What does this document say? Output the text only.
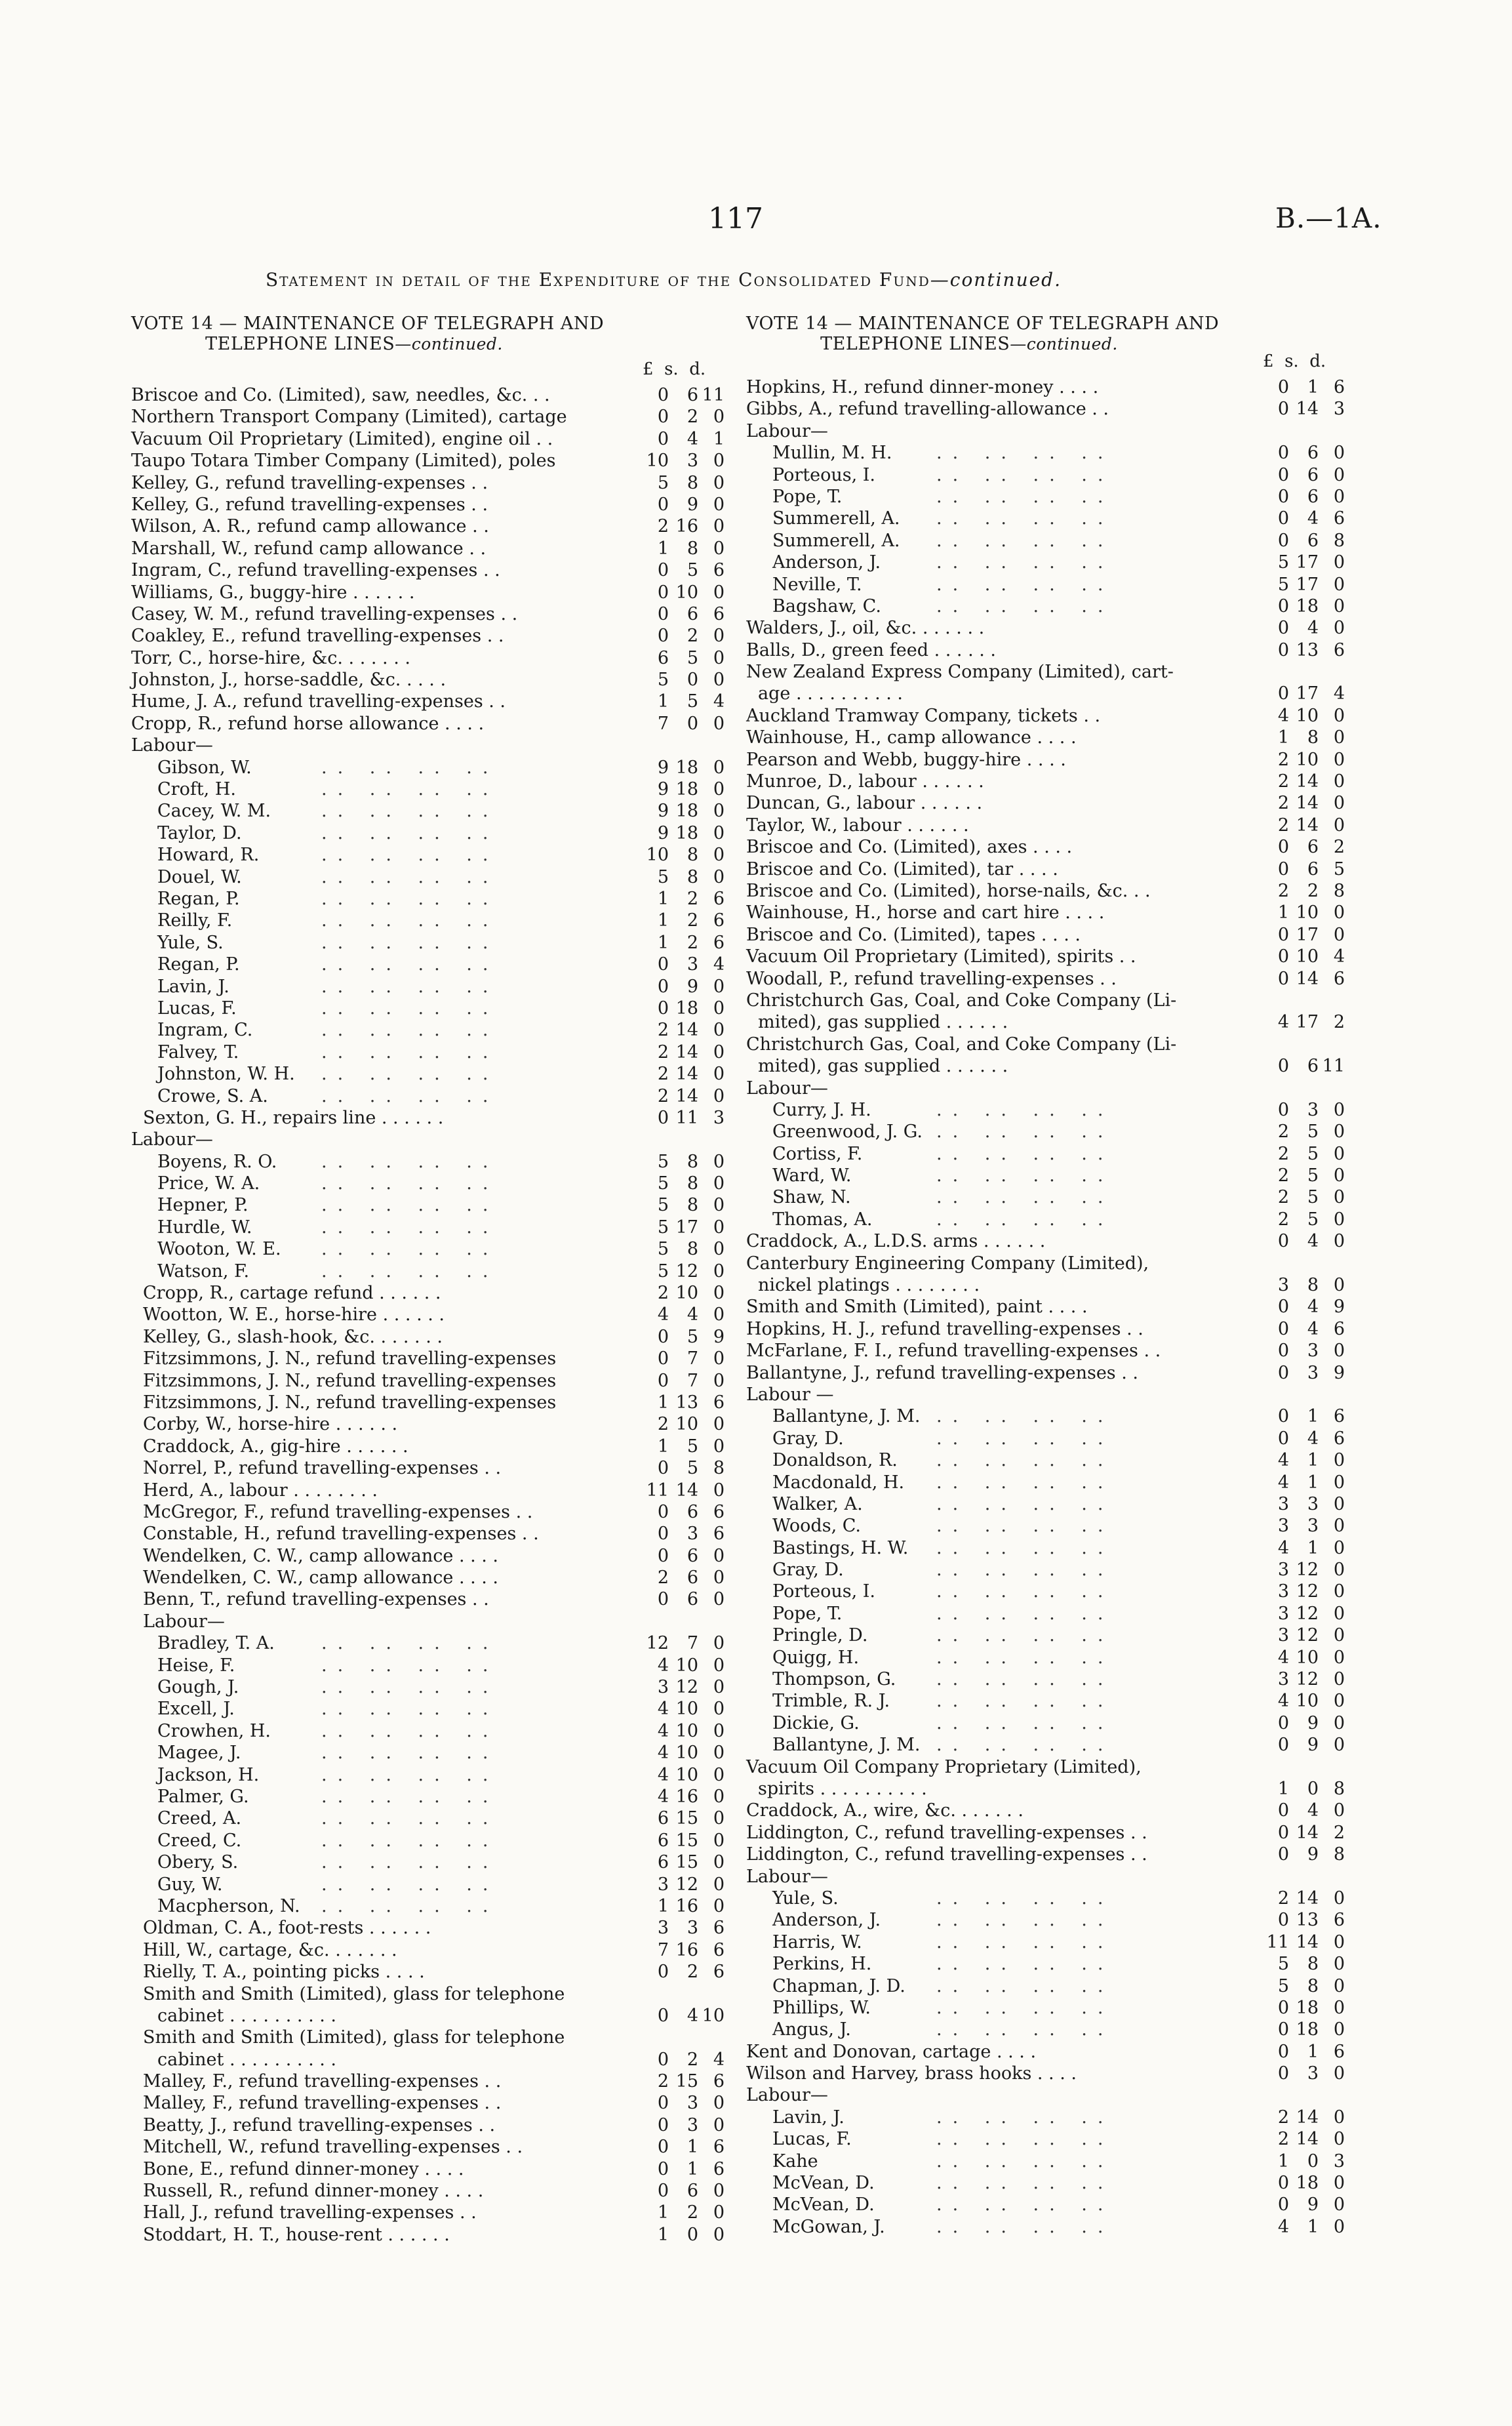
117	B.—1A.
Statement in detail of the Expenditure of the Consolidated Fund—continued.
VOTE 14 — MAINTENANCE OF TELEGRAPH AND
TELEPHONE LINES—continued.
£ s. d.
Briscoe and Co. (Limited), saw, needles, &c. . .	0	6 11
Northern Transport Company (Limited), cartage	0	2 0
Vacuum Oil Proprietary (Limited), engine oil . .	0	4 1
Taupo Totara Timber Company (Limited), poles	10	3 0
Kelley, G., refund travelling-expenses . .	5	8 0
Kelley, G., refund travelling-expenses . .	0	9 0
Wilson, A. R., refund camp allowance . .	2 16 0
Marshall, W., refund camp allowance . .	1	8 0
Ingram, C., refund travelling-expenses . .	0	5 6
Williams, G., buggy-hire . . . . . .	0 10 0
Casey, W. M., refund travelling-expenses . .	0	6 6
Coakley, E., refund travelling-expenses . .	0	2 0
Torr, C., horse-hire, &c. . . . . . .	6	5 0
Johnston, J., horse-saddle, &c. . . . .	5	0 0
Hume, J. A., refund travelling-expenses . .	1	5 4
Cropp, R., refund horse allowance . . . .	7	0 0
Labour—
Gibson, W.	.. .. .. ..	9 18 0
Croft, H.	.. .. .. ..	9 18 0
Cacey, W. M.	.. .. .. ..	9 18 0
Taylor, D.	.. .. .. ..	9 18 0
Howard, R.	.. .. .. ..	10	8 0
Douel, W.	.. .. .. ..	5	8 0
Regan, P.	.. .. .. ..	1	2 6
Reilly, F.	.. .. .. ..	1	2 6
Yule, S.	.. .. .. ..	1	2 6
Regan, P.	.. .. .. ..	0	3 4
Lavin, J.	.. .. .. ..	0	9 0
Lucas, F.	.. .. .. ..	0 18 0
Ingram, C.	.. .. .. ..	2 14 0
Falvey, T.	.. .. .. ..	2 14 0
Johnston, W. H. .. .. .. ..	2 14 0
Crowe, S. A.	.. .. .. ..	2 14 0
Sexton, G. H., repairs line . . . . . .	0 11 3
Labour—
Boyens, R. O.	.. .. .. ..	5	8 0
Price, W. A.	.. .. .. ..	5	8 0
Hepner, P.	.. .. .. ..	5	8 0
Hurdle, W.	.. .. .. ..	5 17 0
Wooton, W. E. .. .. .. ..	5	8 0
Watson, F.	.. .. .. ..	5 12 0
Cropp, R., cartage refund . . . . . .	2 10 0
Wootton, W. E., horse-hire . . . . . .	4	4 0
Kelley, G., slash-hook, &c. . . . . . .	0	5 9
Fitzsimmons, J. N., refund travelling-expenses	0	7 0
Fitzsimmons, J. N., refund travelling-expenses	0	7 0
Fitzsimmons, J. N., refund travelling-expenses	1 13 6
Corby, W., horse-hire . . . . . .	2 10 0
Craddock, A., gig-hire . . . . . .	1	5 0
Norrel, P., refund travelling-expenses . .	0	5 8
Herd, A., labour . . . . . . . .	11 14 0
McGregor, F., refund travelling-expenses . .	0	6 6
Constable, H., refund travelling-expenses . .	0	3 6
Wendelken, C. W., camp allowance . . . .	0	6 0
Wendelken, C. W., camp allowance . . . .	2	6 0
Benn, T., refund travelling-expenses . .	0	6 0
Labour—
Bradley, T. A.	.. .. .. ..	12	7 0
Heise, F.	.. .. .. ..	4 10 0
Gough, J.	.. .. .. ..	3 12 0
Excell, J.	.. .. .. ..	4 10 0
Crowhen, H.	.. .. .. ..	4 10 0
Magee, J.	.. .. .. ..	4 10 0
Jackson, H.	.. .. .. ..	4 10 0
Palmer, G.	.. .. .. ..	4 16 0
Creed, A.	.. .. .. ..	6 15 0
Creed, C.	.. .. .. ..	6 15 0
Obery, S.	.. .. .. ..	6 15 0
Guy, W.	.. .. .. ..	3 12 0
Macpherson, N. .. .. .. ..	1 16 0
Oldman, C. A., foot-rests . . . . . .	3	3 6
Hill, W., cartage, &c. . . . . . .	7 16 6
Rielly, T. A., pointing picks . . . .	0	2 6
Smith and Smith (Limited), glass for telephone
cabinet . . . . . . . . . .	0	4 10
Smith and Smith (Limited), glass for telephone
cabinet . . . . . . . . . .	0	2 4
Malley, F., refund travelling-expenses . .	2 15 6
Malley, F., refund travelling-expenses . .	0	3 0
Beatty, J., refund travelling-expenses . .	0	3 0
Mitchell, W., refund travelling-expenses . .	0	1 6
Bone, E., refund dinner-money . . . .	0	1 6
Russell, R., refund dinner-money . . . .	0	6 0
Hall, J., refund travelling-expenses . .	1	2 0
Stoddart, H. T., house-rent . . . . . .	1	0 0
VOTE 14 — MAINTENANCE OF TELEGRAPH AND
TELEPHONE LINES—continued.
£ s. d.
Hopkins, H., refund dinner-money . . . .	0	1 6
Gibbs, A., refund travelling-allowance . .	0 14 3
Labour—
Mullin, M. H.	.. .. .. ..	0	6 0
Porteous, I.	.. .. .. ..	0	6 0
Pope, T.	.. .. .. ..	0	6 0
Summerell, A. .. .. .. ..	0	4 6
Summerell, A. .. .. .. ..	0	6 8
Anderson, J.	.. .. .. ..	5 17 0
Neville, T.	.. .. .. ..	5 17 0
Bagshaw, C.	.. .. .. ..	0 18 0
Walders, J., oil, &c. . . . . . .	0	4 0
Balls, D., green feed . . . . . .	0 13 6
New Zealand Express Company (Limited), cart-
age . . . . . . . . . .	0 17 4
Auckland Tramway Company, tickets . .	4 10 0
Wainhouse, H., camp allowance . . . .	1	8 0
Pearson and Webb, buggy-hire . . . .	2 10 0
Munroe, D., labour . . . . . .	2 14 0
Duncan, G., labour . . . . . .	2 14 0
Taylor, W., labour . . . . . .	2 14 0
Briscoe and Co. (Limited), axes . . . .	0	6 2
Briscoe and Co. (Limited), tar . . . .	0	6 5
Briscoe and Co. (Limited), horse-nails, &c. . .	2	2 8
Wainhouse, H., horse and cart hire . . . .	1 10 0
Briscoe and Co. (Limited), tapes . . . .	0 17 0
Vacuum Oil Proprietary (Limited), spirits . .	0 10 4
Woodall, P., refund travelling-expenses . .	0 14 6
Christchurch Gas, Coal, and Coke Company (Li-
mited), gas supplied . . . . . .	4 17 2
Christchurch Gas, Coal, and Coke Company (Li-
mited), gas supplied . . . . . .	0	6 11
Labour—
Curry, J. H.	.. .. .. ..	0	3 0
Greenwood, J. G. .. .. .. ..	2	5 0
Cortiss, F.	.. .. .. ..	2	5 0
Ward, W.	.. .. .. ..	2	5 0
Shaw, N.	.. .. .. ..	2	5 0
Thomas, A.	.. .. .. ..	2	5 0
Craddock, A., L.D.S. arms . . . . . .	0	4 0
Canterbury Engineering Company (Limited),
nickel platings . . . . . . . .	3	8 0
Smith and Smith (Limited), paint . . . .	0	4 9
Hopkins, H. J., refund travelling-expenses . .	0	4 6
McFarlane, F. I., refund travelling-expenses . .	0	3 0
Ballantyne, J., refund travelling-expenses . .	0	3 9
Labour —
Ballantyne, J. M. .. .. .. ..	0	1 6
Gray, D.	.. .. .. ..	0	4 6
Donaldson, R. .. .. .. ..	4	1 0
Macdonald, H. .. .. .. ..	4	1 0
Walker, A.	.. .. .. ..	3	3 0
Woods, C.	.. .. .. ..	3	3 0
Bastings, H. W. .. .. .. ..	4	1 0
Gray, D.	.. .. .. ..	3 12 0
Porteous, I.	.. .. .. ..	3 12 0
Pope, T.	.. .. .. ..	3 12 0
Pringle, D.	.. .. .. ..	3 12 0
Quigg, H.	.. .. .. ..	4 10 0
Thompson, G. .. .. .. ..	3 12 0
Trimble, R. J.	.. .. .. ..	4 10 0
Dickie, G.	.. .. .. ..	0	9 0
Ballantyne, J. M. .. .. .. ..	0	9 0
Vacuum Oil Company Proprietary (Limited),
spirits . . . . . . . . . .	1	0 8
Craddock, A., wire, &c. . . . . . .	0	4 0
Liddington, C., refund travelling-expenses . .	0 14 2
Liddington, C., refund travelling-expenses . .	0	9 8
Labour—
Yule, S.	.. .. .. ..	2 14 0
Anderson, J.	.. .. .. ..	0 13 6
Harris, W.	.. .. .. ..	11 14 0
Perkins, H.	.. .. .. ..	5	8 0
Chapman, J. D. .. .. .. ..	5	8 0
Phillips, W.	.. .. .. ..	0 18 0
Angus, J.	.. .. .. ..	0 18 0
Kent and Donovan, cartage . . . .	0	1 6
Wilson and Harvey, brass hooks . . . .	0	3 0
Labour—
Lavin, J.	.. .. .. ..	2 14 0
Lucas, F.	.. .. .. ..	2 14 0
Kahe	.. .. .. ..	1	0 3
McVean, D.	.. .. .. ..	0 18 0
McVean, D.	.. .. .. ..	0	9 0
McGowan, J.	.. .. .. ..	4	1 0
